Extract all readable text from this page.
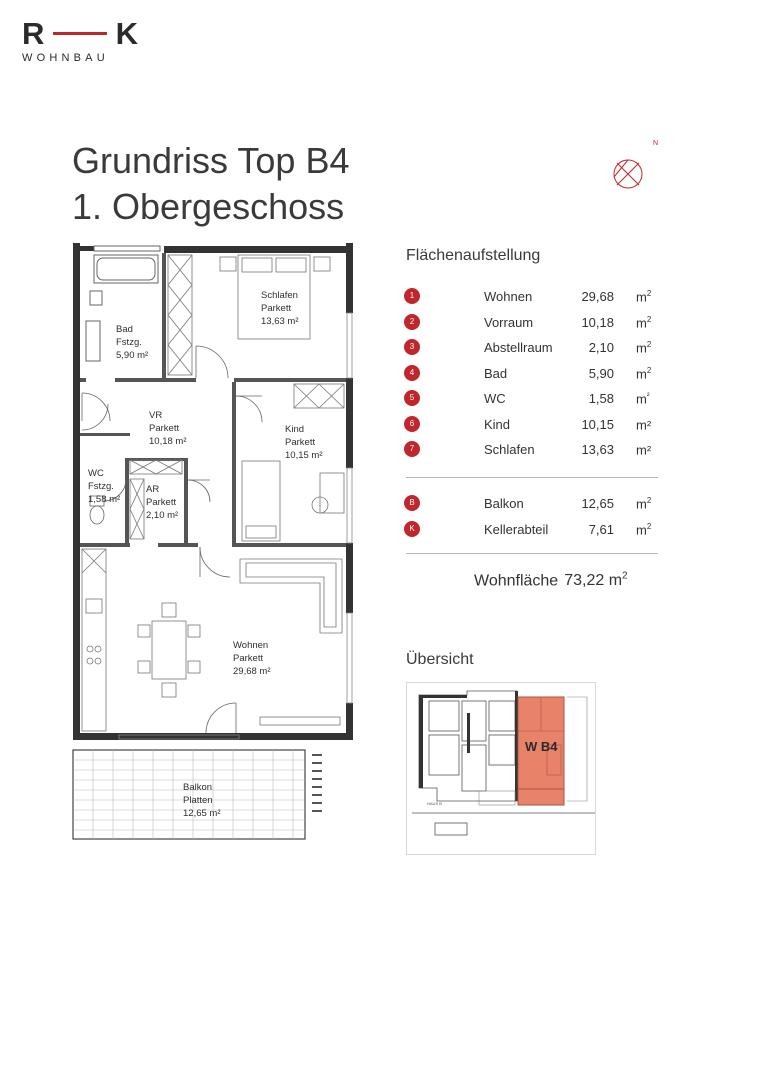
R K
WOHNBAU
Grundriss Top B4
1. Obergeschoss
N
Schlafen
Parkett
13,63 m²
Bad
Fstzg.
5,90 m²
VR
Parkett
10,18 m²
Kind
Parkett
10,15 m²
WC
Fstzg.
1,58 m²
AR
Parkett
2,10 m²
Wohnen
Parkett
29,68 m²
Balkon
Platten
12,65 m²
Flächenaufstellung
1	Wohnen	29,68 $m^2$
2	Vorraum	10,18 $m^2$
3	Abstellraum	2,10 $m^2$
4	Bad	5,90 $m^2$
5	WC	1,58 $m^{^2}$
6	Kind	10,15 m²
7	Schlafen	13,63 m²
B	Balkon	12,65 $m^2$
K	Kellerabteil	7,61 $m^2$
Wohnfläche 73,22 $m^2$
Übersicht
W B4
HAUS B
